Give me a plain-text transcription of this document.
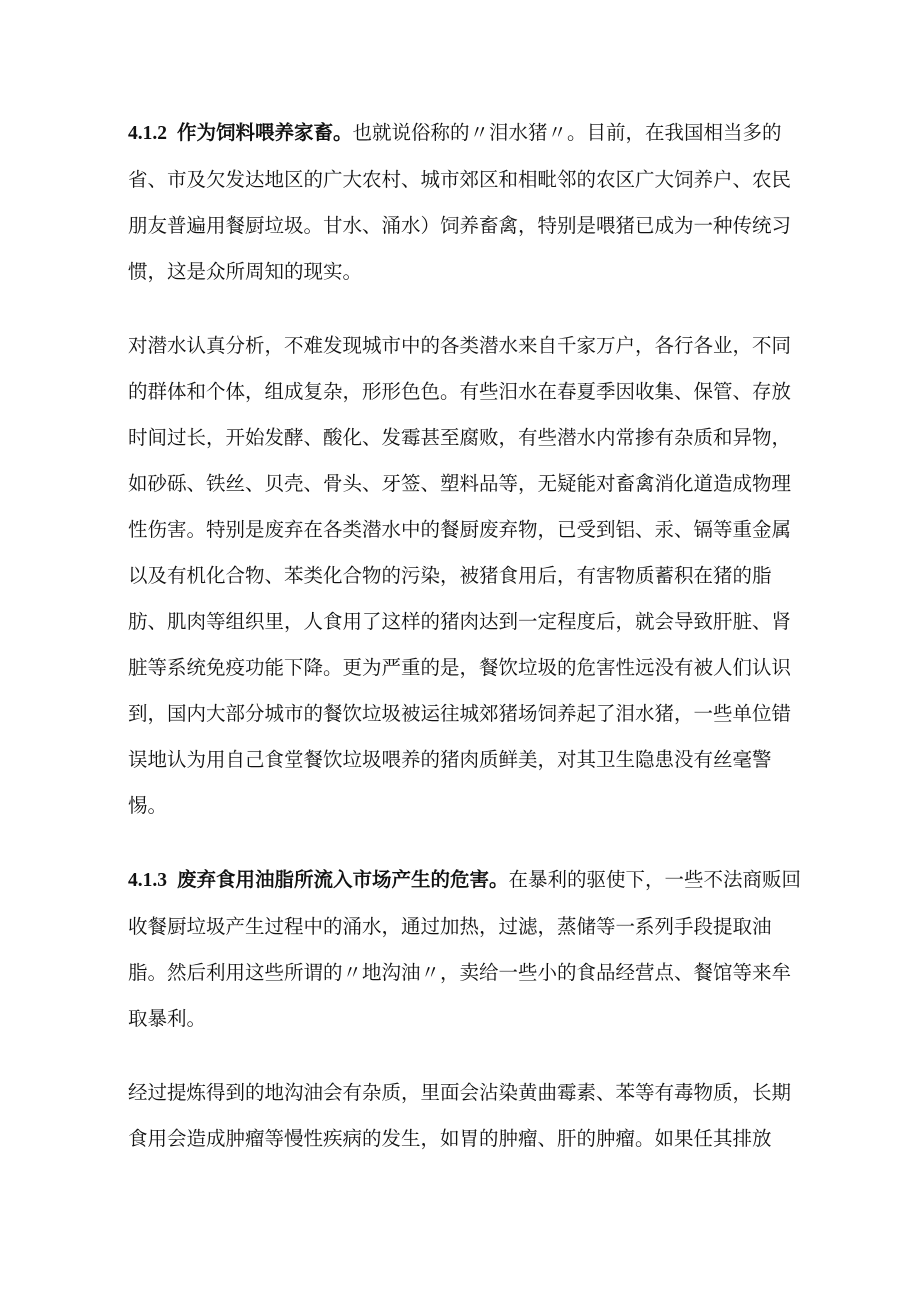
4.1.2 作为饲料喂养家畜。也就说俗称的〃泪水猪〃。目前，在我国相当多的省、市及欠发达地区的广大农村、城市郊区和相毗邻的农区广大饲养户、农民朋友普遍用餐厨垃圾。甘水、涌水）饲养畜禽，特别是喂猪已成为一种传统习惯，这是众所周知的现实。

对潜水认真分析，不难发现城市中的各类潜水来自千家万户，各行各业，不同的群体和个体，组成复杂，形形色色。有些汨水在春夏季因收集、保管、存放时间过长，开始发酵、酸化、发霉甚至腐败，有些潜水内常掺有杂质和异物，如砂砾、铁丝、贝壳、骨头、牙签、塑料品等，无疑能对畜禽消化道造成物理性伤害。特别是废弃在各类潜水中的餐厨废弃物，已受到铝、汞、镉等重金属以及有机化合物、苯类化合物的污染，被猪食用后，有害物质蓄积在猪的脂肪、肌肉等组织里，人食用了这样的猪肉达到一定程度后，就会导致肝脏、肾脏等系统免疫功能下降。更为严重的是，餐饮垃圾的危害性远没有被人们认识到，国内大部分城市的餐饮垃圾被运往城郊猪场饲养起了泪水猪，一些单位错误地认为用自己食堂餐饮垃圾喂养的猪肉质鲜美，对其卫生隐患没有丝毫警惕。

4.1.3 废弃食用油脂所流入市场产生的危害。在暴利的驱使下，一些不法商贩回收餐厨垃圾产生过程中的涌水，通过加热，过滤，蒸储等一系列手段提取油脂。然后利用这些所谓的〃地沟油〃，卖给一些小的食品经营点、餐馆等来牟取暴利。

经过提炼得到的地沟油会有杂质，里面会沾染黄曲霉素、苯等有毒物质，长期食用会造成肿瘤等慢性疾病的发生，如胃的肿瘤、肝的肿瘤。如果任其排放
